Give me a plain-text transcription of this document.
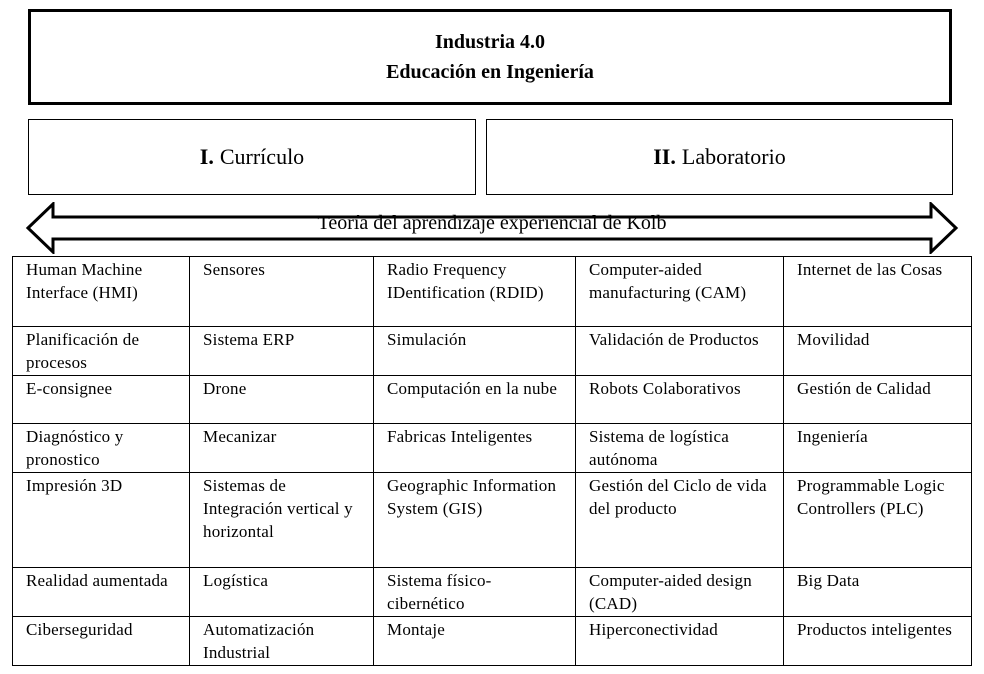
Industria 4.0
Educación en Ingeniería
I. Currículo	II. Laboratorio
Teoría del aprendizaje experiencial de Kolb
Human Machine Interface (HMI)	Sensores	Radio Frequency IDentification (RDID)	Computer-aided manufacturing (CAM)	Internet de las Cosas
Planificación de procesos	Sistema ERP	Simulación	Validación de Productos	Movilidad
E-consignee	Drone	Computación en la nube	Robots Colaborativos	Gestión de Calidad
Diagnóstico y pronostico	Mecanizar	Fabricas Inteligentes	Sistema de logística autónoma	Ingeniería
Impresión 3D	Sistemas de Integración vertical y horizontal	Geographic Information System (GIS)	Gestión del Ciclo de vida del producto	Programmable Logic Controllers (PLC)
Realidad aumentada	Logística	Sistema físico-cibernético	Computer-aided design (CAD)	Big Data
Ciberseguridad	Automatización Industrial	Montaje	Hiperconectividad	Productos inteligentes
